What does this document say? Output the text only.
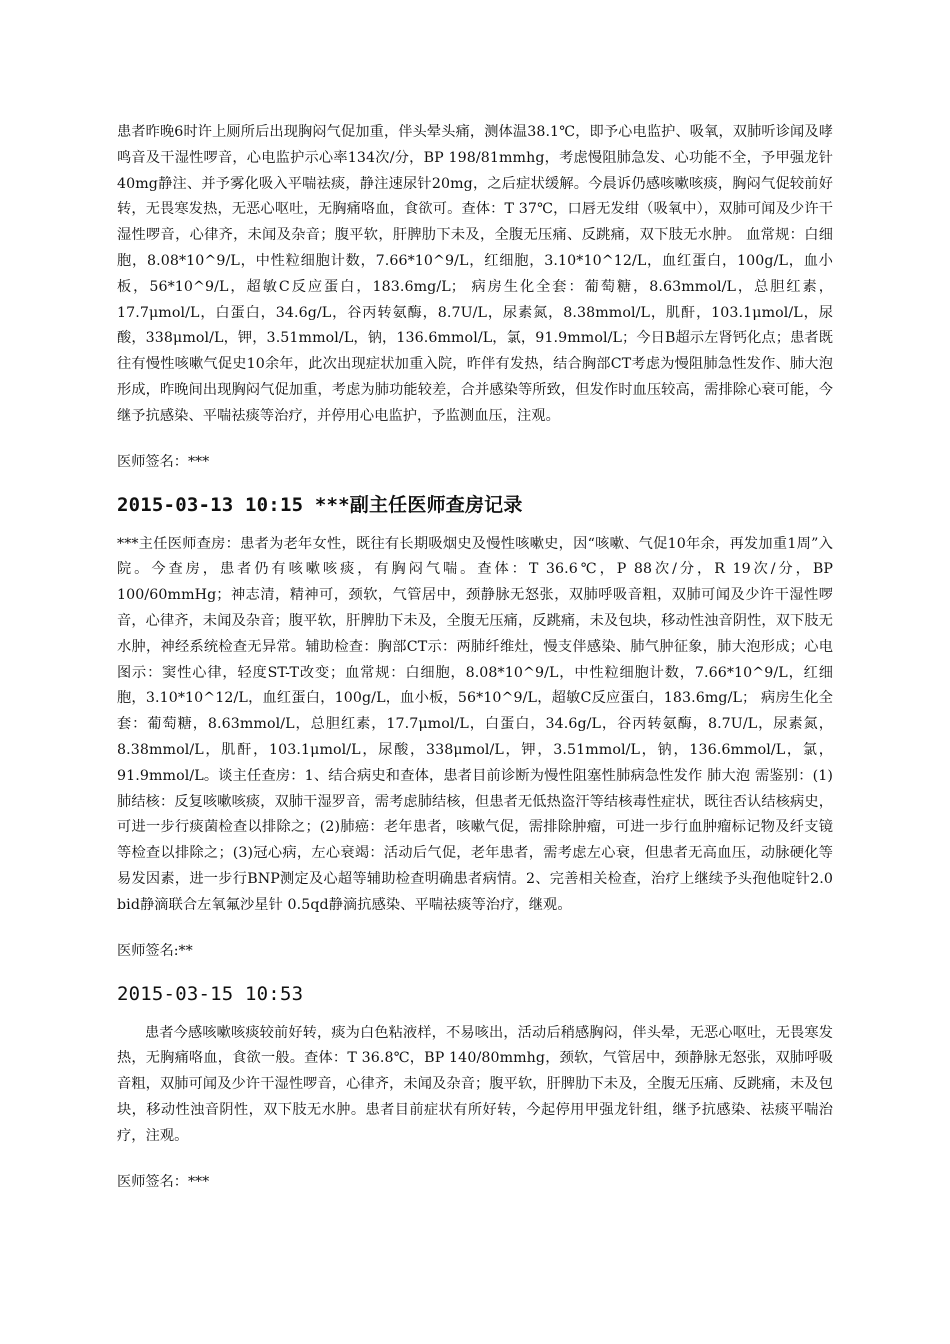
患者昨晚6时许上厕所后出现胸闷气促加重，伴头晕头痛，测体温38.1℃，即予心电监护、吸氧，双肺听诊闻及哮鸣音及干湿性啰音，心电监护示心率134次/分，BP 198/81mmhg，考虑慢阻肺急发、心功能不全，予甲强龙针40mg静注、并予雾化吸入平喘祛痰，静注速尿针20mg，之后症状缓解。今晨诉仍感咳嗽咳痰，胸闷气促较前好转，无畏寒发热，无恶心呕吐，无胸痛咯血，食欲可。查体：T 37℃，口唇无发绀（吸氧中），双肺可闻及少许干湿性啰音，心律齐，未闻及杂音；腹平软，肝脾肋下未及，全腹无压痛、反跳痛，双下肢无水肿。 血常规：白细胞，8.08*10^9/L，中性粒细胞计数，7.66*10^9/L，红细胞，3.10*10^12/L，血红蛋白，100g/L，血小板，56*10^9/L，超敏C反应蛋白，183.6mg/L； 病房生化全套：葡萄糖，8.63mmol/L，总胆红素，17.7μmol/L，白蛋白，34.6g/L，谷丙转氨酶，8.7U/L，尿素氮，8.38mmol/L，肌酐，103.1μmol/L，尿酸，338μmol/L，钾，3.51mmol/L，钠，136.6mmol/L，氯，91.9mmol/L；今日B超示左肾钙化点；患者既往有慢性咳嗽气促史10余年，此次出现症状加重入院，昨伴有发热，结合胸部CT考虑为慢阻肺急性发作、肺大泡形成，昨晚间出现胸闷气促加重，考虑为肺功能较差，合并感染等所致，但发作时血压较高，需排除心衰可能，今继予抗感染、平喘祛痰等治疗，并停用心电监护，予监测血压，注观。

医师签名：***

2015-03-13 10:15 ***副主任医师查房记录

***主任医师查房：患者为老年女性，既往有长期吸烟史及慢性咳嗽史，因“咳嗽、气促10年余，再发加重1周”入院。今查房，患者仍有咳嗽咳痰，有胸闷气喘。查体：T 36.6℃，P 88次/分，R 19次/分，BP 100/60mmHg；神志清，精神可，颈软，气管居中，颈静脉无怒张，双肺呼吸音粗，双肺可闻及少许干湿性啰音，心律齐，未闻及杂音；腹平软，肝脾肋下未及，全腹无压痛，反跳痛，未及包块，移动性浊音阴性，双下肢无水肿，神经系统检查无异常。辅助检查：胸部CT示：两肺纤维灶，慢支伴感染、肺气肿征象，肺大泡形成；心电图示：窦性心律，轻度ST-T改变；血常规：白细胞，8.08*10^9/L，中性粒细胞计数，7.66*10^9/L，红细胞，3.10*10^12/L，血红蛋白，100g/L，血小板，56*10^9/L，超敏C反应蛋白，183.6mg/L； 病房生化全套：葡萄糖，8.63mmol/L，总胆红素，17.7μmol/L，白蛋白，34.6g/L，谷丙转氨酶，8.7U/L，尿素氮，8.38mmol/L，肌酐，103.1μmol/L，尿酸，338μmol/L，钾，3.51mmol/L，钠，136.6mmol/L，氯，91.9mmol/L。谈主任查房：1、结合病史和查体，患者目前诊断为慢性阻塞性肺病急性发作 肺大泡 需鉴别：(1)肺结核：反复咳嗽咳痰，双肺干湿罗音，需考虑肺结核，但患者无低热盗汗等结核毒性症状，既往否认结核病史，可进一步行痰菌检查以排除之；(2)肺癌：老年患者，咳嗽气促，需排除肿瘤，可进一步行血肿瘤标记物及纤支镜等检查以排除之；(3)冠心病，左心衰竭：活动后气促，老年患者，需考虑左心衰，但患者无高血压，动脉硬化等易发因素，进一步行BNP测定及心超等辅助检查明确患者病情。2、完善相关检查，治疗上继续予头孢他啶针2.0 bid静滴联合左氧氟沙星针 0.5qd静滴抗感染、平喘祛痰等治疗，继观。

医师签名:**

2015-03-15 10:53

患者今感咳嗽咳痰较前好转，痰为白色粘液样，不易咳出，活动后稍感胸闷，伴头晕，无恶心呕吐，无畏寒发热，无胸痛咯血，食欲一般。查体：T 36.8℃，BP 140/80mmhg，颈软，气管居中，颈静脉无怒张，双肺呼吸音粗，双肺可闻及少许干湿性啰音，心律齐，未闻及杂音；腹平软，肝脾肋下未及，全腹无压痛、反跳痛，未及包块，移动性浊音阴性，双下肢无水肿。患者目前症状有所好转，今起停用甲强龙针组，继予抗感染、祛痰平喘治疗，注观。

医师签名：***
